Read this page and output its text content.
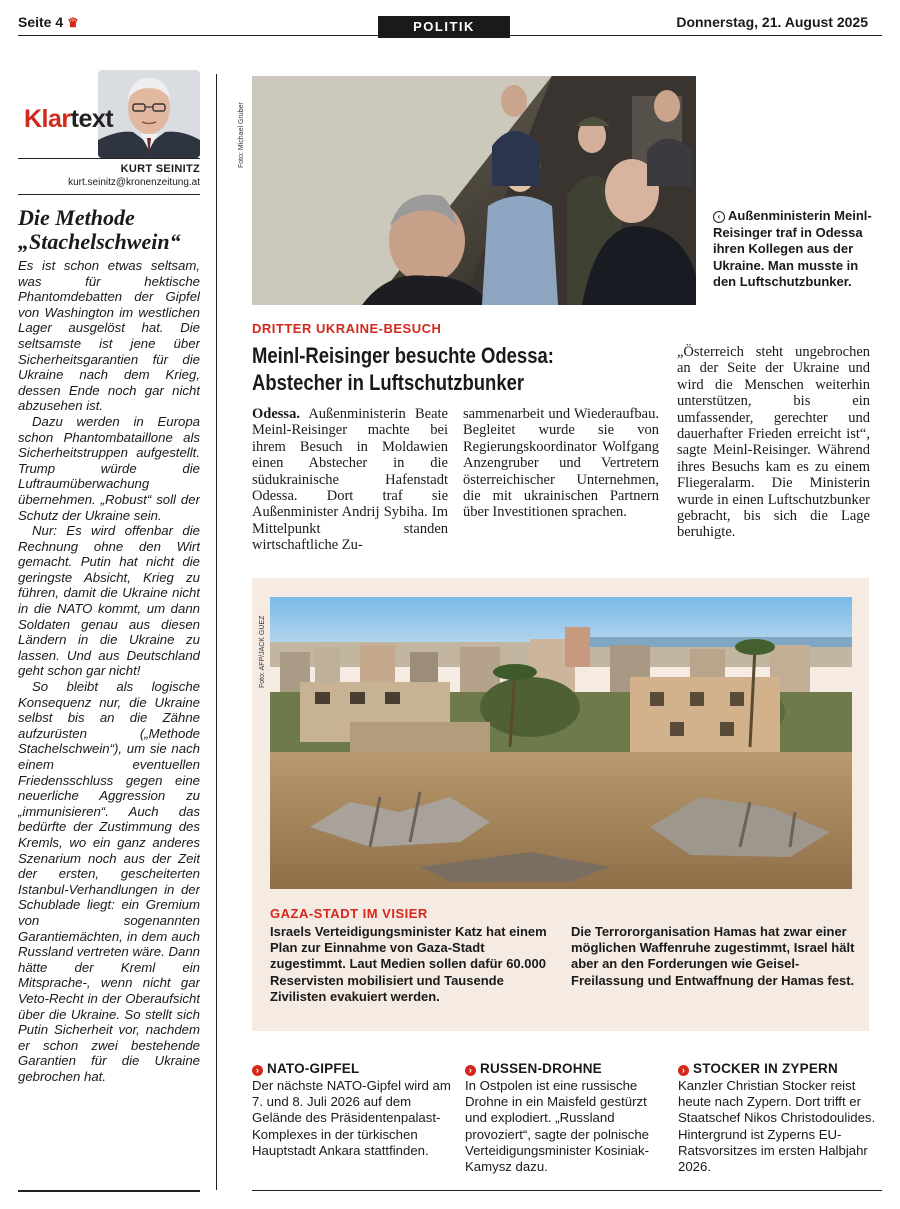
Seite 4 ♛	POLITIK	Donnerstag, 21. August 2025
Klartext
KURT SEINITZ
kurt.seinitz@kronenzeitung.at
Die Methode
„Stachelschwein“

Es ist schon etwas seltsam, was für hektische Phantomdebatten der Gipfel von Washington im westlichen Lager ausgelöst hat. Die seltsamste ist jene über Sicherheitsgarantien für die Ukraine nach dem Krieg, dessen Ende noch gar nicht abzusehen ist.

Dazu werden in Europa schon Phantombataillone als Sicherheitstruppen aufgestellt. Trump würde die Luftraumüberwachung übernehmen. „Robust“ soll der Schutz der Ukraine sein.

Nur: Es wird offenbar die Rechnung ohne den Wirt gemacht. Putin hat nicht die geringste Absicht, Krieg zu führen, damit die Ukraine nicht in die NATO kommt, um dann Soldaten genau aus diesen Ländern in die Ukraine zu lassen. Und aus Deutschland geht schon gar nicht!

So bleibt als logische Konsequenz nur, die Ukraine selbst bis an die Zähne aufzurüsten („Methode Stachelschwein“), um sie nach einem eventuellen Friedensschluss gegen eine neuerliche Aggression zu „immunisieren“. Auch das bedürfte der Zustimmung des Kremls, wo ein ganz anderes Szenarium noch aus der Zeit der ersten, gescheiterten Istanbul-Verhandlungen in der Schublade liegt: ein Gremium von sogenannten Garantiemächten, in dem auch Russland vertreten wäre. Dann hätte der Kreml ein Mitsprache-, wenn nicht gar Veto-Recht in der Oberaufsicht über die Ukraine. So stellt sich Putin Sicherheit vor, nachdem er schon zwei bestehende Garantien für die Ukraine gebrochen hat.

Foto: Michael Gruber
‹ Außenministerin Meinl-Reisinger traf in Odessa ihren Kollegen aus der Ukraine. Man musste in den Luftschutzbunker.
DRITTER UKRAINE-BESUCH
Meinl-Reisinger besuchte Odessa:
Abstecher in Luftschutzbunker

Odessa. Außenministerin Beate Meinl-Reisinger machte bei ihrem Besuch in Moldawien einen Abstecher in die südukrainische Hafenstadt Odessa. Dort traf sie Außenminister Andrij Sybiha. Im Mittelpunkt standen wirtschaftliche Zu-

sammenarbeit und Wiederaufbau. Begleitet wurde sie von Regierungskoordinator Wolfgang Anzengruber und Vertretern österreichischer Unternehmen, die mit ukrainischen Partnern über Investitionen sprachen.

„Österreich steht ungebrochen an der Seite der Ukraine und wird die Menschen weiterhin unterstützen, bis ein umfassender, gerechter und dauerhafter Frieden erreicht ist“, sagte Meinl-Reisinger. Während ihres Besuchs kam es zu einem Fliegeralarm. Die Ministerin wurde in einen Luftschutzbunker gebracht, bis sich die Lage beruhigte.

Foto: AFP/JACK GUEZ
GAZA-STADT IM VISIER
Israels Verteidigungsminister Katz hat einem Plan zur Einnahme von Gaza-Stadt zugestimmt. Laut Medien sollen dafür 60.000 Reservisten mobilisiert und Tausende Zivilisten evakuiert werden.
Die Terrororganisation Hamas hat zwar einer möglichen Waffenruhe zugestimmt, Israel hält aber an den Forderungen wie Geisel-Freilassung und Entwaffnung der Hamas fest.
› NATO-GIPFEL
Der nächste NATO-Gipfel wird am 7. und 8. Juli 2026 auf dem Gelände des Präsidentenpalast-Komplexes in der türkischen Hauptstadt Ankara stattfinden.
› RUSSEN-DROHNE
In Ostpolen ist eine russische Drohne in ein Maisfeld gestürzt und explodiert. „Russland provoziert“, sagte der polnische Verteidigungsminister Kosiniak-Kamysz dazu.
› STOCKER IN ZYPERN
Kanzler Christian Stocker reist heute nach Zypern. Dort trifft er Staatschef Nikos Christodoulides. Hintergrund ist Zyperns EU-Ratsvorsitzes im ersten Halbjahr 2026.
